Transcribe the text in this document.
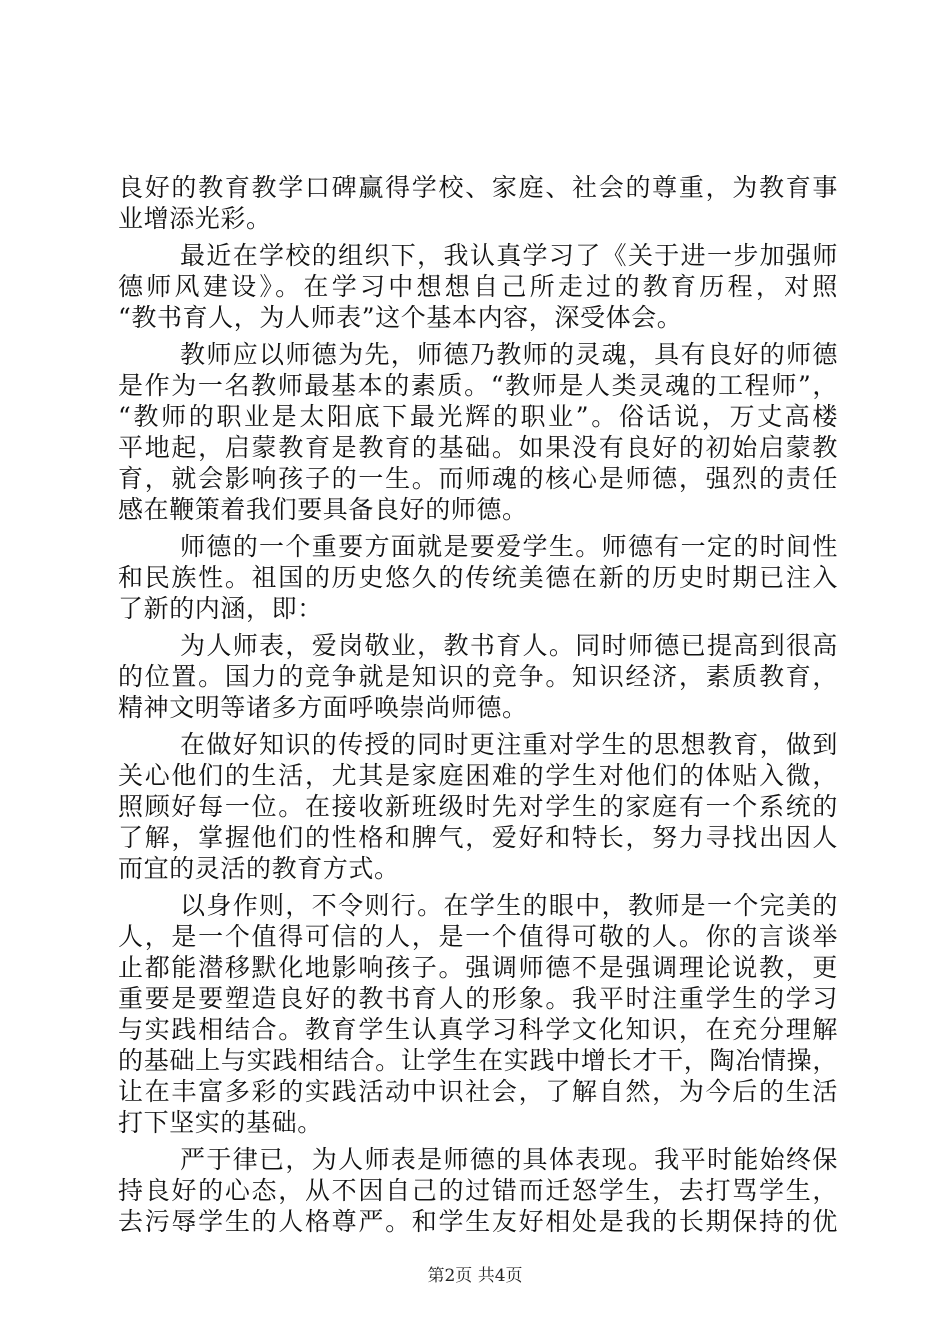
良好的教育教学口碑赢得学校、家庭、社会的尊重，为教育事
业增添光彩。
最近在学校的组织下，我认真学习了《关于进一步加强师
德师风建设》。在学习中想想自己所走过的教育历程，对照
“教书育人，为人师表”这个基本内容，深受体会。
教师应以师德为先，师德乃教师的灵魂，具有良好的师德
是作为一名教师最基本的素质。“教师是人类灵魂的工程师”，
“教师的职业是太阳底下最光辉的职业”。俗话说，万丈高楼
平地起，启蒙教育是教育的基础。如果没有良好的初始启蒙教
育，就会影响孩子的一生。而师魂的核心是师德，强烈的责任
感在鞭策着我们要具备良好的师德。
师德的一个重要方面就是要爱学生。师德有一定的时间性
和民族性。祖国的历史悠久的传统美德在新的历史时期已注入
了新的内涵，即：
为人师表，爱岗敬业，教书育人。同时师德已提高到很高
的位置。国力的竞争就是知识的竞争。知识经济，素质教育，
精神文明等诸多方面呼唤崇尚师德。
在做好知识的传授的同时更注重对学生的思想教育，做到
关心他们的生活，尤其是家庭困难的学生对他们的体贴入微，
照顾好每一位。在接收新班级时先对学生的家庭有一个系统的
了解，掌握他们的性格和脾气，爱好和特长，努力寻找出因人
而宜的灵活的教育方式。
以身作则，不令则行。在学生的眼中，教师是一个完美的
人，是一个值得可信的人，是一个值得可敬的人。你的言谈举
止都能潜移默化地影响孩子。强调师德不是强调理论说教，更
重要是要塑造良好的教书育人的形象。我平时注重学生的学习
与实践相结合。教育学生认真学习科学文化知识，在充分理解
的基础上与实践相结合。让学生在实践中增长才干，陶冶情操，
让在丰富多彩的实践活动中识社会，了解自然，为今后的生活
打下坚实的基础。
严于律已，为人师表是师德的具体表现。我平时能始终保
持良好的心态，从不因自己的过错而迁怒学生，去打骂学生，
去污辱学生的人格尊严。和学生友好相处是我的长期保持的优
第2页 共4页
